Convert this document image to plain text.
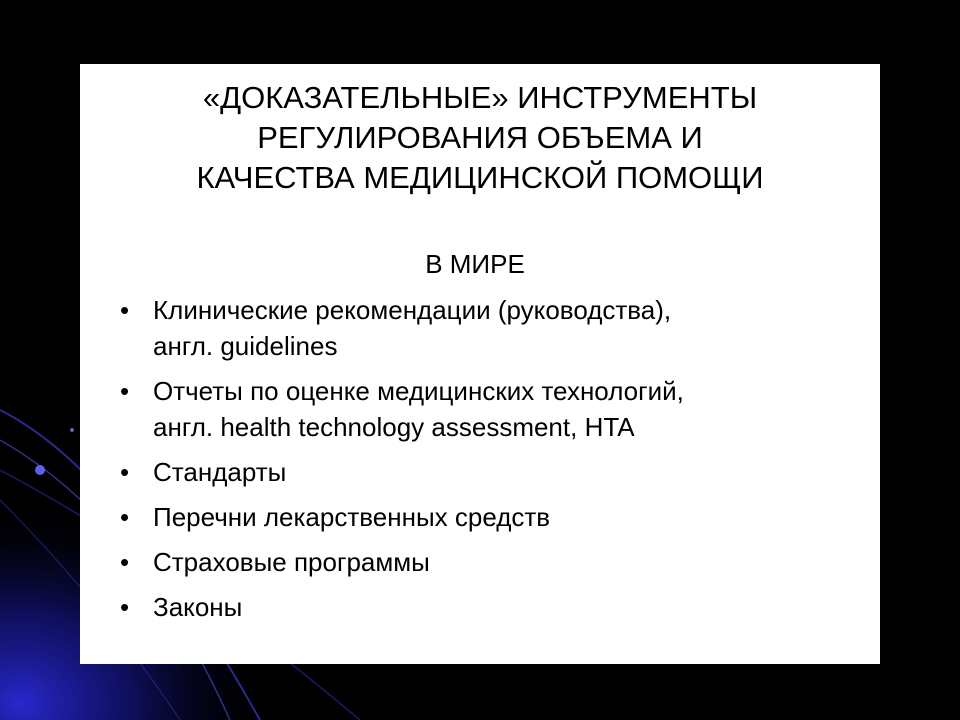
«ДОКАЗАТЕЛЬНЫЕ» ИНСТРУМЕНТЫ
РЕГУЛИРОВАНИЯ ОБЪЕМА И
КАЧЕСТВА МЕДИЦИНСКОЙ ПОМОЩИ

В МИРЕ

• Клинические рекомендации (руководства),
англ. guidelines
• Отчеты по оценке медицинских технологий,
англ. health technology assessment, HTA
• Стандарты
• Перечни лекарственных средств
• Страховые программы
• Законы
